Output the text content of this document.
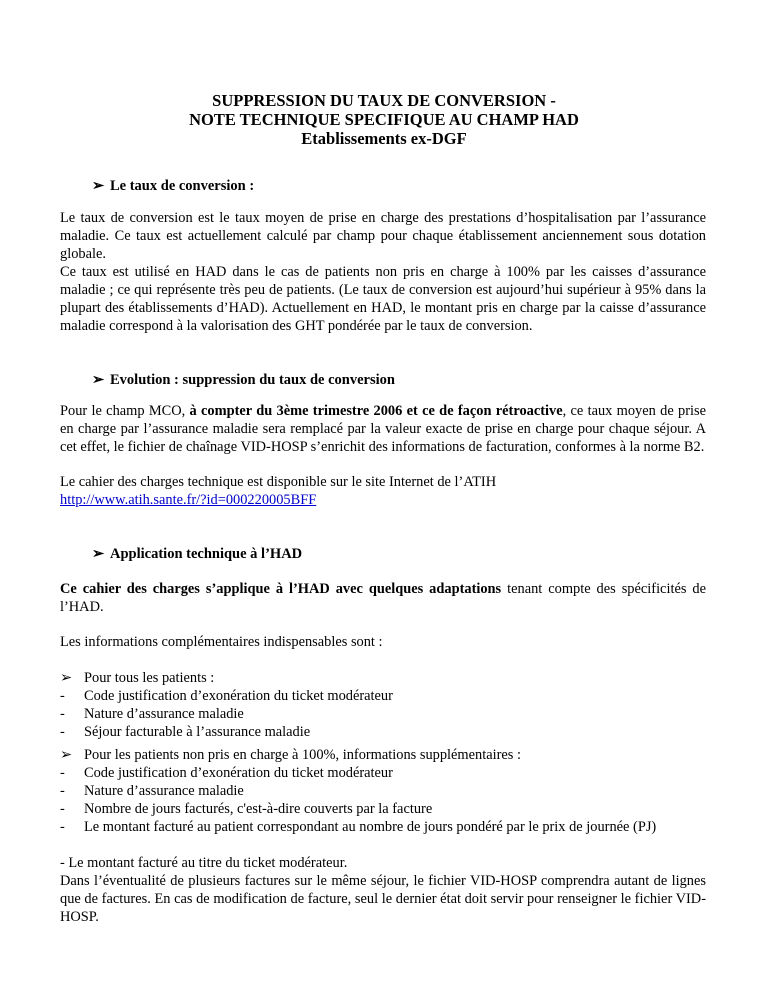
SUPPRESSION DU TAUX DE CONVERSION -
NOTE TECHNIQUE SPECIFIQUE AU CHAMP HAD
Etablissements ex-DGF
➢ Le taux de conversion :
Le taux de conversion est le taux moyen de prise en charge des prestations d’hospitalisation par l’assurance maladie. Ce taux est actuellement calculé par champ pour chaque établissement anciennement sous dotation globale.
Ce taux est utilisé en HAD dans le cas de patients non pris en charge à 100% par les caisses d’assurance maladie ; ce qui représente très peu de patients. (Le taux de conversion est aujourd’hui supérieur à 95% dans la plupart des établissements d’HAD). Actuellement en HAD, le montant pris en charge par la caisse d’assurance maladie correspond à la valorisation des GHT pondérée par le taux de conversion.
➢ Evolution : suppression du taux de conversion
Pour le champ MCO, à compter du 3ème trimestre 2006 et ce de façon rétroactive, ce taux moyen de prise en charge par l’assurance maladie sera remplacé par la valeur exacte de prise en charge pour chaque séjour. A cet effet, le fichier de chaînage VID-HOSP s’enrichit des informations de facturation, conformes à la norme B2.
Le cahier des charges technique est disponible sur le site Internet de l’ATIH
http://www.atih.sante.fr/?id=000220005BFF
➢ Application technique à l’HAD
Ce cahier des charges s’applique à l’HAD avec quelques adaptations tenant compte des spécificités de l’HAD.
Les informations complémentaires indispensables sont :
➢ Pour tous les patients :
-	Code justification d’exonération du ticket modérateur
-	Nature d’assurance maladie
-	Séjour facturable à l’assurance maladie
➢ Pour les patients non pris en charge à 100%, informations supplémentaires :
-	Code justification d’exonération du ticket modérateur
-	Nature d’assurance maladie
-	Nombre de jours facturés, c'est-à-dire couverts par la facture
-	Le montant facturé au patient correspondant au nombre de jours pondéré par le prix de journée (PJ)
- Le montant facturé au titre du ticket modérateur.
Dans l’éventualité de plusieurs factures sur le même séjour, le fichier VID-HOSP comprendra autant de lignes que de factures. En cas de modification de facture, seul le dernier état doit servir pour renseigner le fichier VID-HOSP.
